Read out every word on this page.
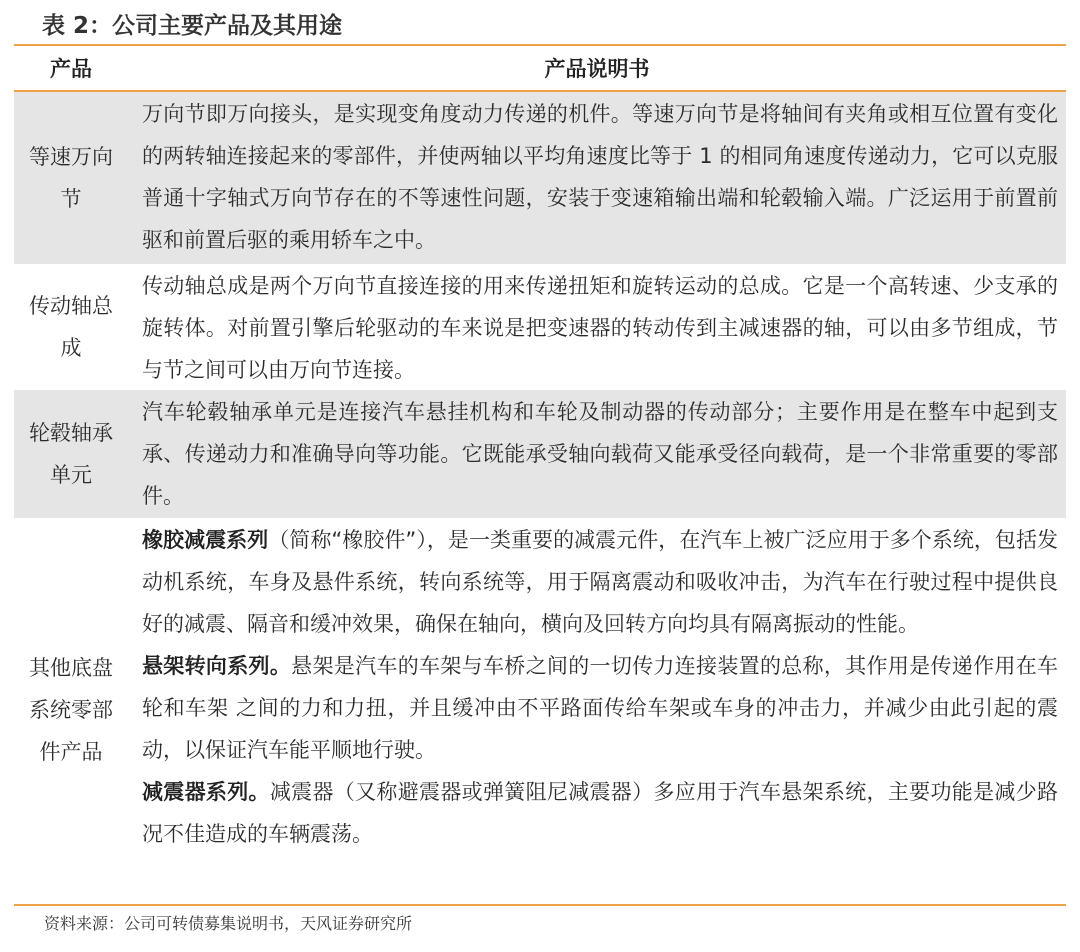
表 2：公司主要产品及其用途
产品	产品说明书
等速万向节
万向节即万向接头，是实现变角度动力传递的机件。等速万向节是将轴间有夹角或相互位置有变化的两转轴连接起来的零部件，并使两轴以平均角速度比等于 1 的相同角速度传递动力，它可以克服普通十字轴式万向节存在的不等速性问题，安装于变速箱输出端和轮毂输入端。广泛运用于前置前驱和前置后驱的乘用轿车之中。
传动轴总成
传动轴总成是两个万向节直接连接的用来传递扭矩和旋转运动的总成。它是一个高转速、少支承的旋转体。对前置引擎后轮驱动的车来说是把变速器的转动传到主减速器的轴，可以由多节组成，节与节之间可以由万向节连接。
轮毂轴承单元
汽车轮毂轴承单元是连接汽车悬挂机构和车轮及制动器的传动部分；主要作用是在整车中起到支承、传递动力和准确导向等功能。它既能承受轴向载荷又能承受径向载荷，是一个非常重要的零部件。
其他底盘系统零部件产品
橡胶减震系列（简称“橡胶件”），是一类重要的减震元件，在汽车上被广泛应用于多个系统，包括发动机系统，车身及悬件系统，转向系统等，用于隔离震动和吸收冲击，为汽车在行驶过程中提供良好的减震、隔音和缓冲效果，确保在轴向，横向及回转方向均具有隔离振动的性能。
悬架转向系列。悬架是汽车的车架与车桥之间的一切传力连接装置的总称，其作用是传递作用在车轮和车架 之间的力和力扭，并且缓冲由不平路面传给车架或车身的冲击力，并减少由此引起的震动，以保证汽车能平顺地行驶。
减震器系列。减震器（又称避震器或弹簧阻尼减震器）多应用于汽车悬架系统，主要功能是减少路况不佳造成的车辆震荡。
资料来源：公司可转债募集说明书，天风证券研究所
